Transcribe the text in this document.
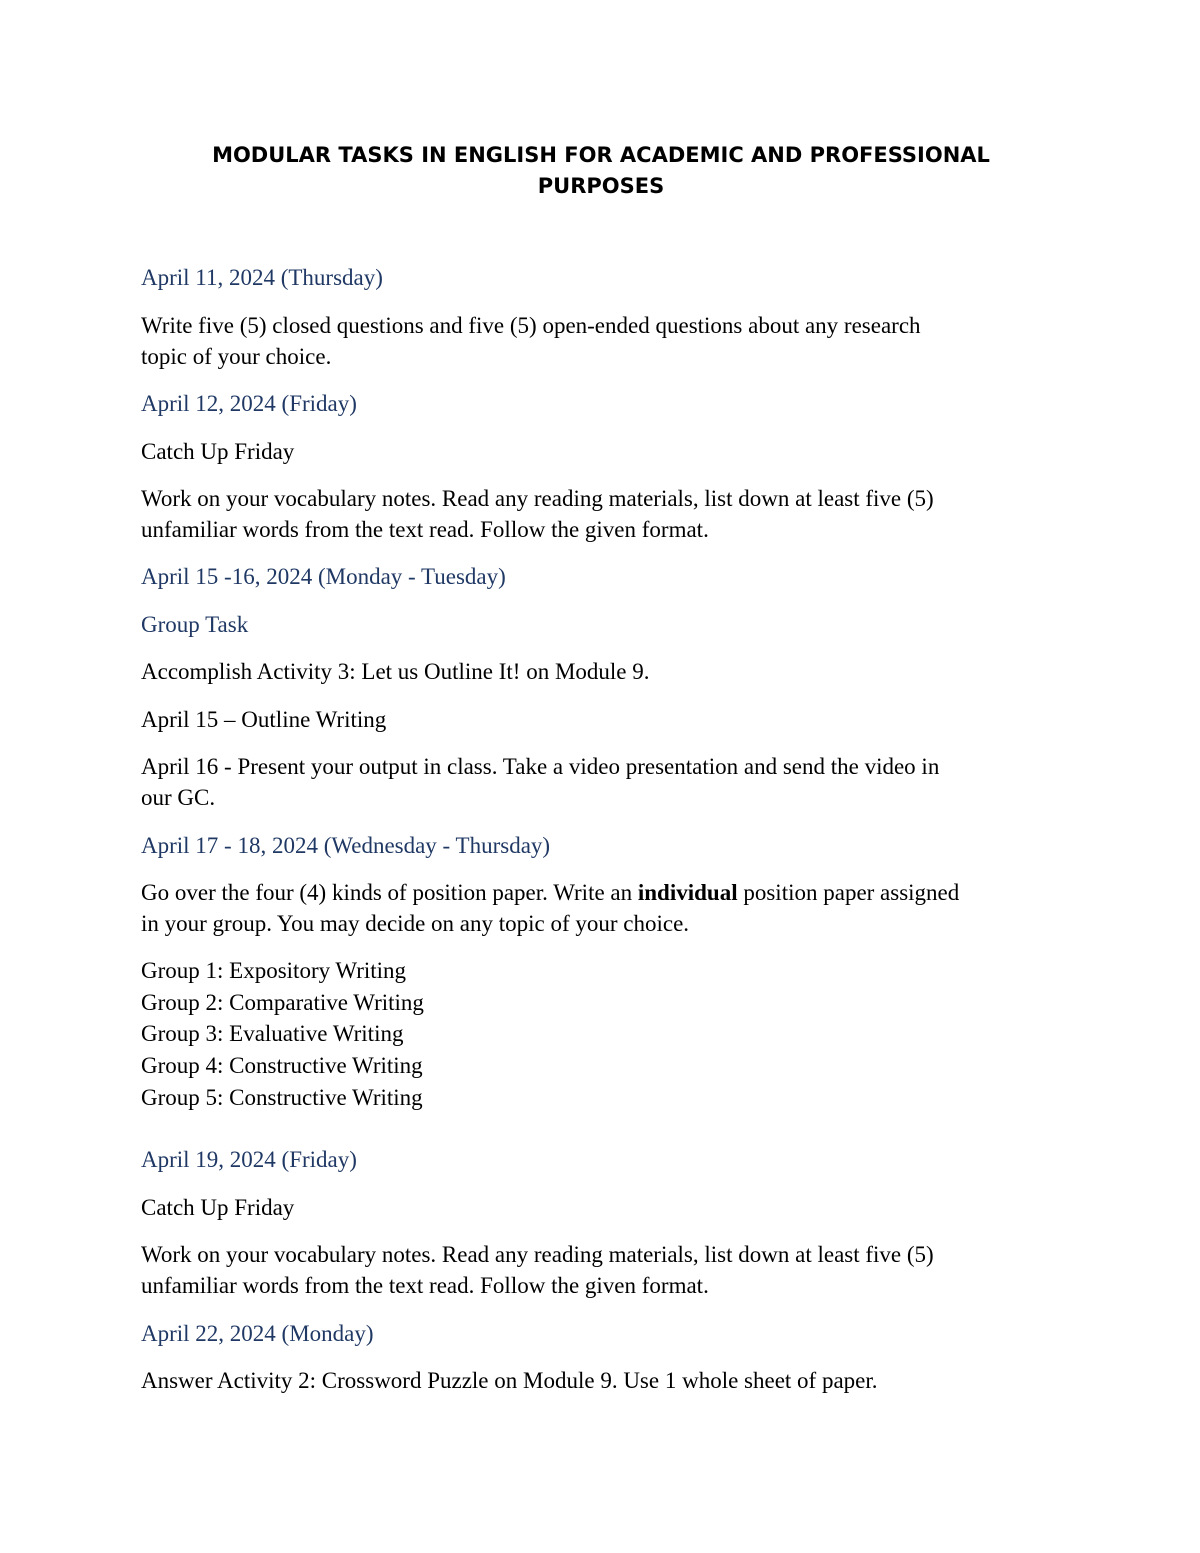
MODULAR TASKS IN ENGLISH FOR ACADEMIC AND PROFESSIONAL
PURPOSES

April 11, 2024 (Thursday)

Write five (5) closed questions and five (5) open-ended questions about any research

topic of your choice.

April 12, 2024 (Friday)

Catch Up Friday

Work on your vocabulary notes. Read any reading materials, list down at least five (5)

unfamiliar words from the text read. Follow the given format.

April 15 -16, 2024 (Monday - Tuesday)

Group Task

Accomplish Activity 3: Let us Outline It! on Module 9.

April 15 – Outline Writing

April 16 - Present your output in class. Take a video presentation and send the video in

our GC.

April 17 - 18, 2024 (Wednesday - Thursday)

Go over the four (4) kinds of position paper. Write an individual position paper assigned

in your group. You may decide on any topic of your choice.

Group 1: Expository Writing

Group 2: Comparative Writing

Group 3: Evaluative Writing

Group 4: Constructive Writing

Group 5: Constructive Writing

April 19, 2024 (Friday)

Catch Up Friday

Work on your vocabulary notes. Read any reading materials, list down at least five (5)

unfamiliar words from the text read. Follow the given format.

April 22, 2024 (Monday)

Answer Activity 2: Crossword Puzzle on Module 9. Use 1 whole sheet of paper.
